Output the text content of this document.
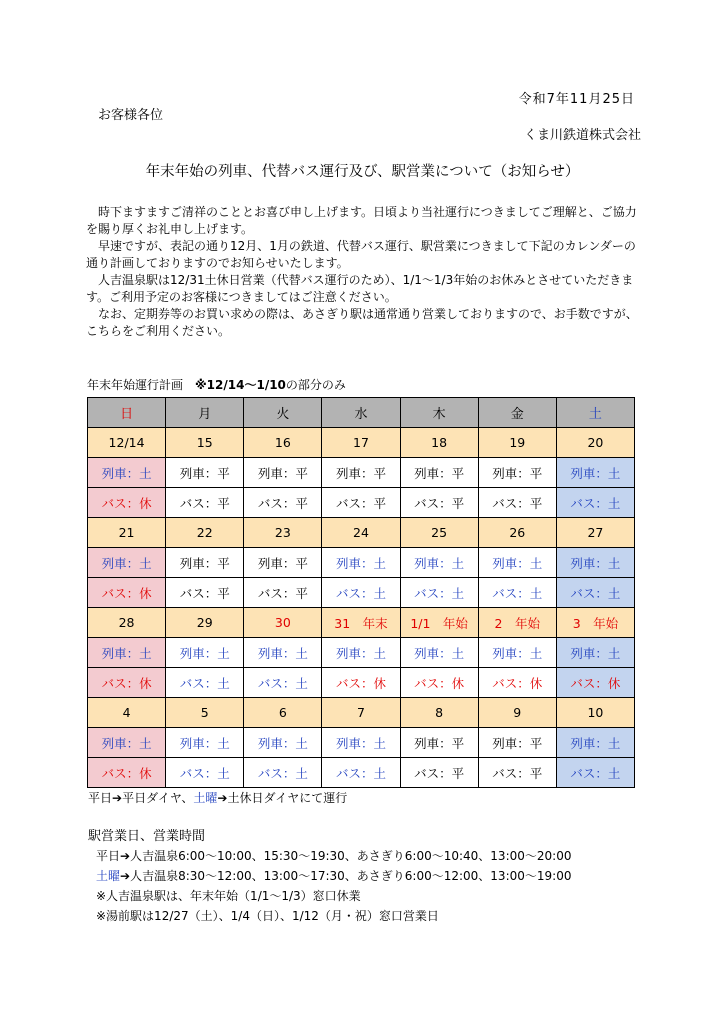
令和7年11月25日
お客様各位
くま川鉄道株式会社
年末年始の列車、代替バス運行及び、駅営業について（お知らせ）

時下ますますご清祥のこととお喜び申し上げます。日頃より当社運行につきましてご理解と、ご協力を賜り厚くお礼申し上げます。

早速ですが、表記の通り12月、1月の鉄道、代替バス運行、駅営業につきまして下記のカレンダーの通り計画しておりますのでお知らせいたします。

人吉温泉駅は12/31土休日営業（代替バス運行のため）、1/1～1/3年始のお休みとさせていただきます。ご利用予定のお客様につきましてはご注意ください。

なお、定期券等のお買い求めの際は、あさぎり駅は通常通り営業しておりますので、お手数ですが、こちらをご利用ください。

年末年始運行計画　※12/14～1/10の部分のみ
日	月	火	水	木	金	土
12/14	15	16	17	18	19	20
列車：土	列車：平	列車：平	列車：平	列車：平	列車：平	列車：土
バス：休	バス：平	バス：平	バス：平	バス：平	バス：平	バス：土
21	22	23	24	25	26	27
列車：土	列車：平	列車：平	列車：土	列車：土	列車：土	列車：土
バス：休	バス：平	バス：平	バス：土	バス：土	バス：土	バス：土
28	29	30	31　年末	1/1　年始	2　年始	3　年始
列車：土	列車：土	列車：土	列車：土	列車：土	列車：土	列車：土
バス：休	バス：土	バス：土	バス：休	バス：休	バス：休	バス：休
4	5	6	7	8	9	10
列車：土	列車：土	列車：土	列車：土	列車：平	列車：平	列車：土
バス：休	バス：土	バス：土	バス：土	バス：平	バス：平	バス：土
平日➔平日ダイヤ、土曜➔土休日ダイヤにて運行
駅営業日、営業時間
平日➔人吉温泉6:00～10:00、15:30～19:30、あさぎり6:00～10:40、13:00～20:00
土曜➔人吉温泉8:30～12:00、13:00～17:30、あさぎり6:00～12:00、13:00～19:00
※人吉温泉駅は、年末年始（1/1～1/3）窓口休業
※湯前駅は12/27（土）、1/4（日）、1/12（月・祝）窓口営業日
